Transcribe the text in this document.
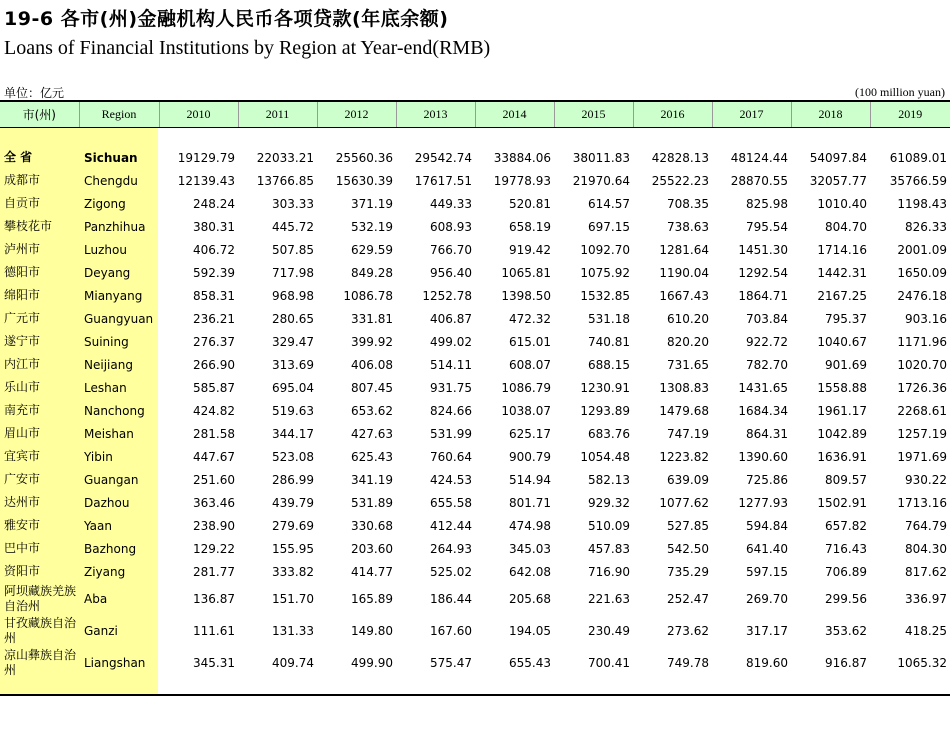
19-6 各市(州)金融机构人民币各项贷款(年底余额)
Loans of Financial Institutions by Region at Year-end(RMB)
单位：亿元	(100 million yuan)
市(州)	Region	2010	2011	2012	2013	2014	2015	2016	2017	2018	2019
全 省	Sichuan	19129.79	22033.21	25560.36	29542.74	33884.06	38011.83	42828.13	48124.44	54097.84	61089.01
成都市	Chengdu	12139.43	13766.85	15630.39	17617.51	19778.93	21970.64	25522.23	28870.55	32057.77	35766.59
自贡市	Zigong	248.24	303.33	371.19	449.33	520.81	614.57	708.35	825.98	1010.40	1198.43
攀枝花市	Panzhihua	380.31	445.72	532.19	608.93	658.19	697.15	738.63	795.54	804.70	826.33
泸州市	Luzhou	406.72	507.85	629.59	766.70	919.42	1092.70	1281.64	1451.30	1714.16	2001.09
德阳市	Deyang	592.39	717.98	849.28	956.40	1065.81	1075.92	1190.04	1292.54	1442.31	1650.09
绵阳市	Mianyang	858.31	968.98	1086.78	1252.78	1398.50	1532.85	1667.43	1864.71	2167.25	2476.18
广元市	Guangyuan	236.21	280.65	331.81	406.87	472.32	531.18	610.20	703.84	795.37	903.16
遂宁市	Suining	276.37	329.47	399.92	499.02	615.01	740.81	820.20	922.72	1040.67	1171.96
内江市	Neijiang	266.90	313.69	406.08	514.11	608.07	688.15	731.65	782.70	901.69	1020.70
乐山市	Leshan	585.87	695.04	807.45	931.75	1086.79	1230.91	1308.83	1431.65	1558.88	1726.36
南充市	Nanchong	424.82	519.63	653.62	824.66	1038.07	1293.89	1479.68	1684.34	1961.17	2268.61
眉山市	Meishan	281.58	344.17	427.63	531.99	625.17	683.76	747.19	864.31	1042.89	1257.19
宜宾市	Yibin	447.67	523.08	625.43	760.64	900.79	1054.48	1223.82	1390.60	1636.91	1971.69
广安市	Guangan	251.60	286.99	341.19	424.53	514.94	582.13	639.09	725.86	809.57	930.22
达州市	Dazhou	363.46	439.79	531.89	655.58	801.71	929.32	1077.62	1277.93	1502.91	1713.16
雅安市	Yaan	238.90	279.69	330.68	412.44	474.98	510.09	527.85	594.84	657.82	764.79
巴中市	Bazhong	129.22	155.95	203.60	264.93	345.03	457.83	542.50	641.40	716.43	804.30
资阳市	Ziyang	281.77	333.82	414.77	525.02	642.08	716.90	735.29	597.15	706.89	817.62
阿坝藏族羌族自治州	Aba	136.87	151.70	165.89	186.44	205.68	221.63	252.47	269.70	299.56	336.97
甘孜藏族自治州	Ganzi	111.61	131.33	149.80	167.60	194.05	230.49	273.62	317.17	353.62	418.25
凉山彝族自治州	Liangshan	345.31	409.74	499.90	575.47	655.43	700.41	749.78	819.60	916.87	1065.32
